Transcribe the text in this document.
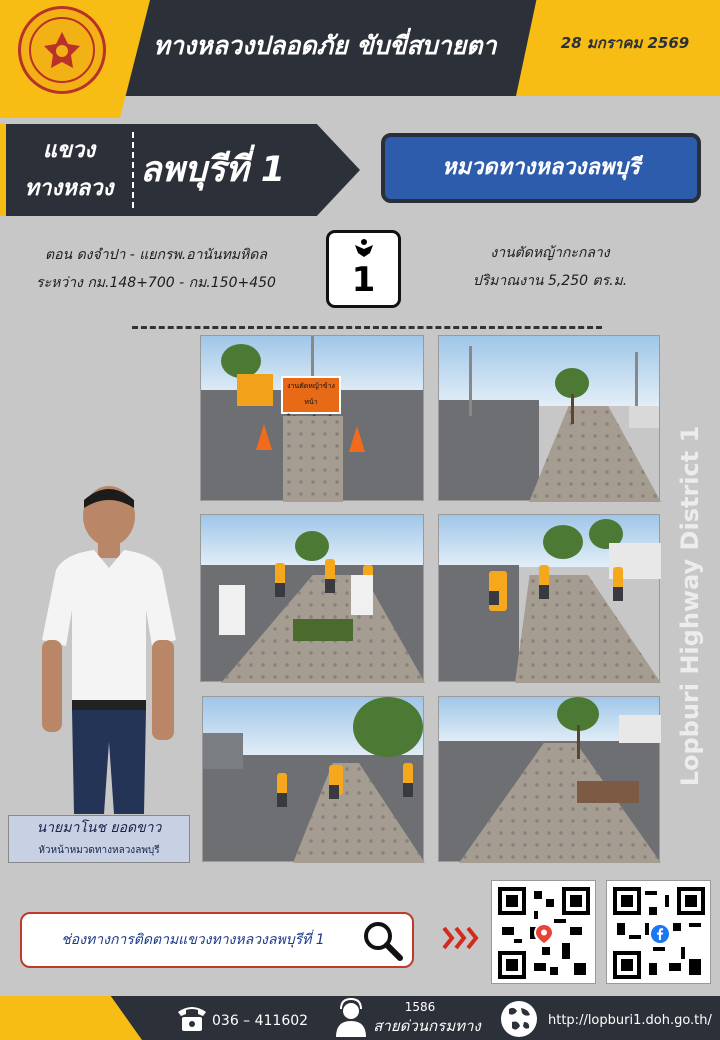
ทางหลวงปลอดภัย ขับขี่สบายตา	28 มกราคม 2569
แขวง
ทางหลวง ลพบุรีที่ 1	หมวดทางหลวงลพบุรี
ตอน ดงจำปา - แยกรพ.อานันทมหิดล
ระหว่าง กม.148+700 - กม.150+450	1
งานตัดหญ้ากะกลาง
ปริมาณงาน 5,250 ตร.ม.
งานตัดหญ้าข้างหน้า
นายมาโนช ยอดขาว
หัวหน้าหมวดทางหลวงลพบุรี
Lopburi Highway District 1
ช่องทางการติดตามแขวงทางหลวงลพบุรีที่ 1
036 – 411602
1586
สายด่วนกรมทาง	http://lopburi1.doh.go.th/
